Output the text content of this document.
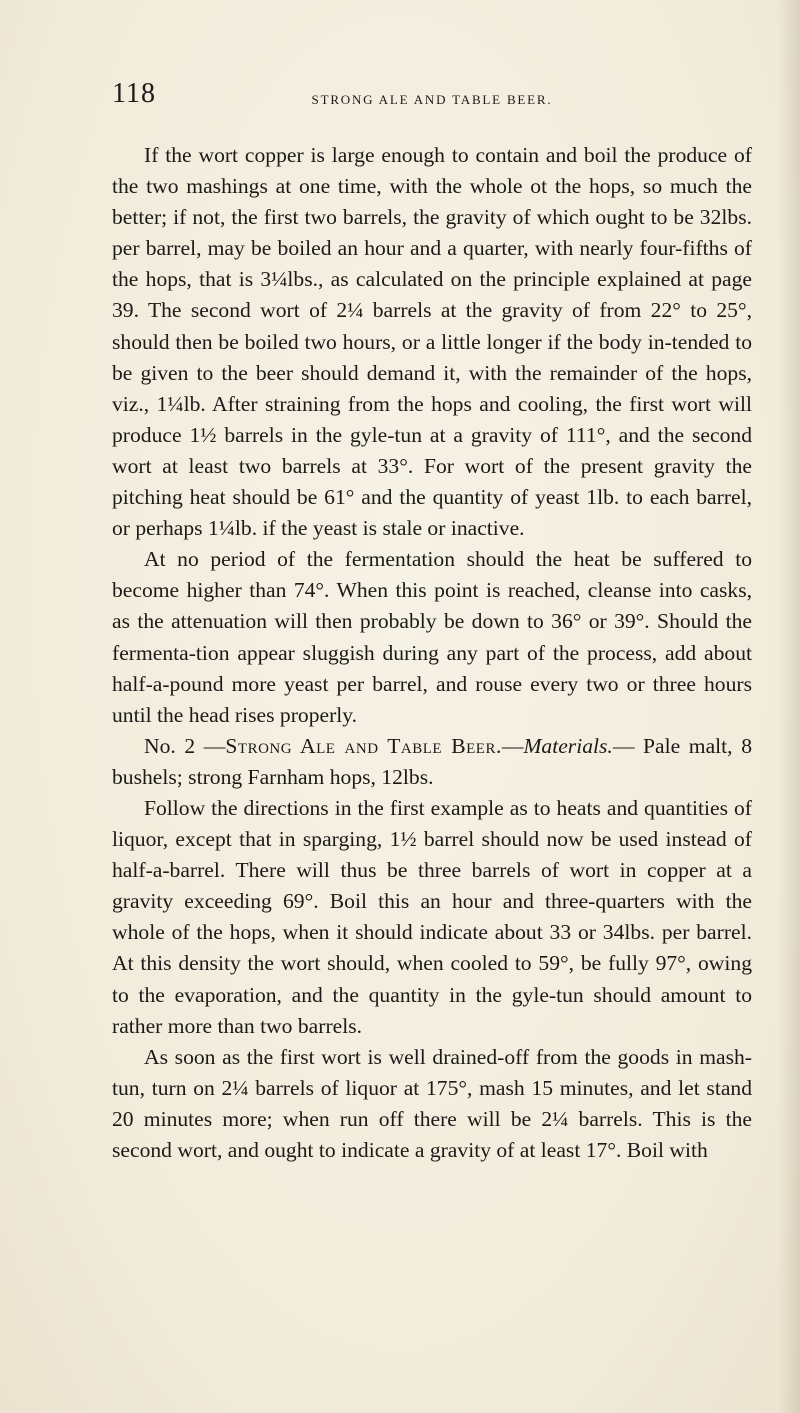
118	STRONG ALE AND TABLE BEER.

If the wort copper is large enough to contain and boil the produce of the two mashings at one time, with the whole ot the hops, so much the better; if not, the first two barrels, the gravity of which ought to be 32lbs. per barrel, may be boiled an hour and a quarter, with nearly four-fifths of the hops, that is 3¼lbs., as calculated on the principle explained at page 39. The second wort of 2¼ barrels at the gravity of from 22° to 25°, should then be boiled two hours, or a little longer if the body in-tended to be given to the beer should demand it, with the remainder of the hops, viz., 1¼lb. After straining from the hops and cooling, the first wort will produce 1½ barrels in the gyle-tun at a gravity of 111°, and the second wort at least two barrels at 33°. For wort of the present gravity the pitching heat should be 61° and the quantity of yeast 1lb. to each barrel, or perhaps 1¼lb. if the yeast is stale or inactive.

At no period of the fermentation should the heat be suffered to become higher than 74°. When this point is reached, cleanse into casks, as the attenuation will then probably be down to 36° or 39°. Should the fermenta-tion appear sluggish during any part of the process, add about half-a-pound more yeast per barrel, and rouse every two or three hours until the head rises properly.

No. 2 —Strong Ale and Table Beer.—Materials.— Pale malt, 8 bushels; strong Farnham hops, 12lbs.

Follow the directions in the first example as to heats and quantities of liquor, except that in sparging, 1½ barrel should now be used instead of half-a-barrel. There will thus be three barrels of wort in copper at a gravity exceeding 69°. Boil this an hour and three-quarters with the whole of the hops, when it should indicate about 33 or 34lbs. per barrel. At this density the wort should, when cooled to 59°, be fully 97°, owing to the evaporation, and the quantity in the gyle-tun should amount to rather more than two barrels.

As soon as the first wort is well drained-off from the goods in mash-tun, turn on 2¼ barrels of liquor at 175°, mash 15 minutes, and let stand 20 minutes more; when run off there will be 2¼ barrels. This is the second wort, and ought to indicate a gravity of at least 17°. Boil with
